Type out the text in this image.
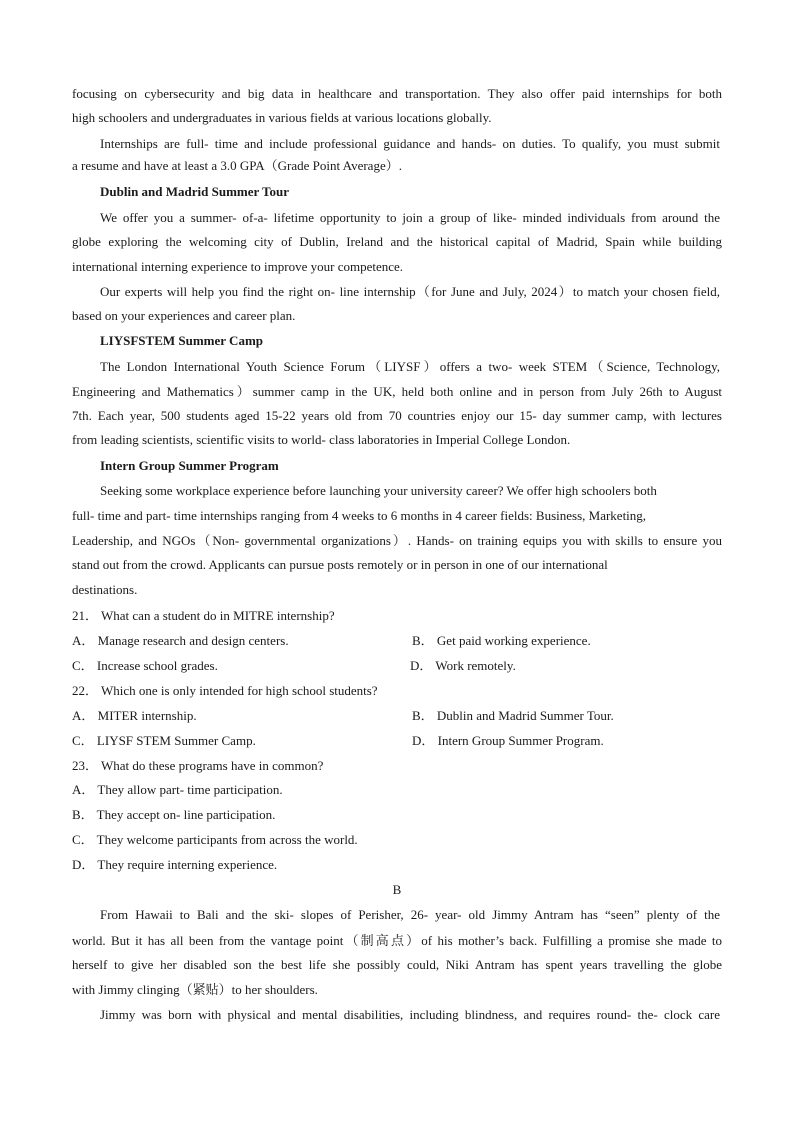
focusing on cybersecurity and big data in healthcare and transportation. They also offer paid internships for both
high schoolers and undergraduates in various fields at various locations globally.
Internships are full- time and include professional guidance and hands- on duties. To qualify, you must submit
a resume and have at least a 3.0 GPA（Grade Point Average）.
Dublin and Madrid Summer Tour
We offer you a summer- of-a- lifetime opportunity to join a group of like- minded individuals from around the
globe exploring the welcoming city of Dublin, Ireland and the historical capital of Madrid, Spain while building
international interning experience to improve your competence.
Our experts will help you find the right on- line internship（for June and July, 2024）to match your chosen field,
based on your experiences and career plan.
LIYSFSTEM Summer Camp
The London International Youth Science Forum（LIYSF）offers a two- week STEM（Science, Technology,
Engineering and Mathematics）summer camp in the UK, held both online and in person from July 26th to August
7th. Each year, 500 students aged 15-22 years old from 70 countries enjoy our 15- day summer camp, with lectures
from leading scientists, scientific visits to world- class laboratories in Imperial College London.
Intern Group Summer Program
Seeking some workplace experience before launching your university career? We offer high schoolers both
full- time and part- time internships ranging from 4 weeks to 6 months in 4 career fields: Business, Marketing,
Leadership, and NGOs（Non- governmental organizations）. Hands- on training equips you with skills to ensure you
stand out from the crowd. Applicants can pursue posts remotely or in person in one of our international
destinations.
21． What can a student do in MITRE internship?
A． Manage research and design centers.	B． Get paid working experience.
C． Increase school grades.	D． Work remotely.
22． Which one is only intended for high school students?
A． MITER internship.	B． Dublin and Madrid Summer Tour.
C． LIYSF STEM Summer Camp.	D． Intern Group Summer Program.
23． What do these programs have in common?
A． They allow part- time participation.
B． They accept on- line participation.
C． They welcome participants from across the world.
D． They require interning experience.
B
From Hawaii to Bali and the ski- slopes of Perisher, 26- year- old Jimmy Antram has “seen” plenty of the
world. But it has all been from the vantage point（制高点）of his mother’s back. Fulfilling a promise she made to
herself to give her disabled son the best life she possibly could, Niki Antram has spent years travelling the globe
with Jimmy clinging（紧贴）to her shoulders.
Jimmy was born with physical and mental disabilities, including blindness, and requires round- the- clock care
